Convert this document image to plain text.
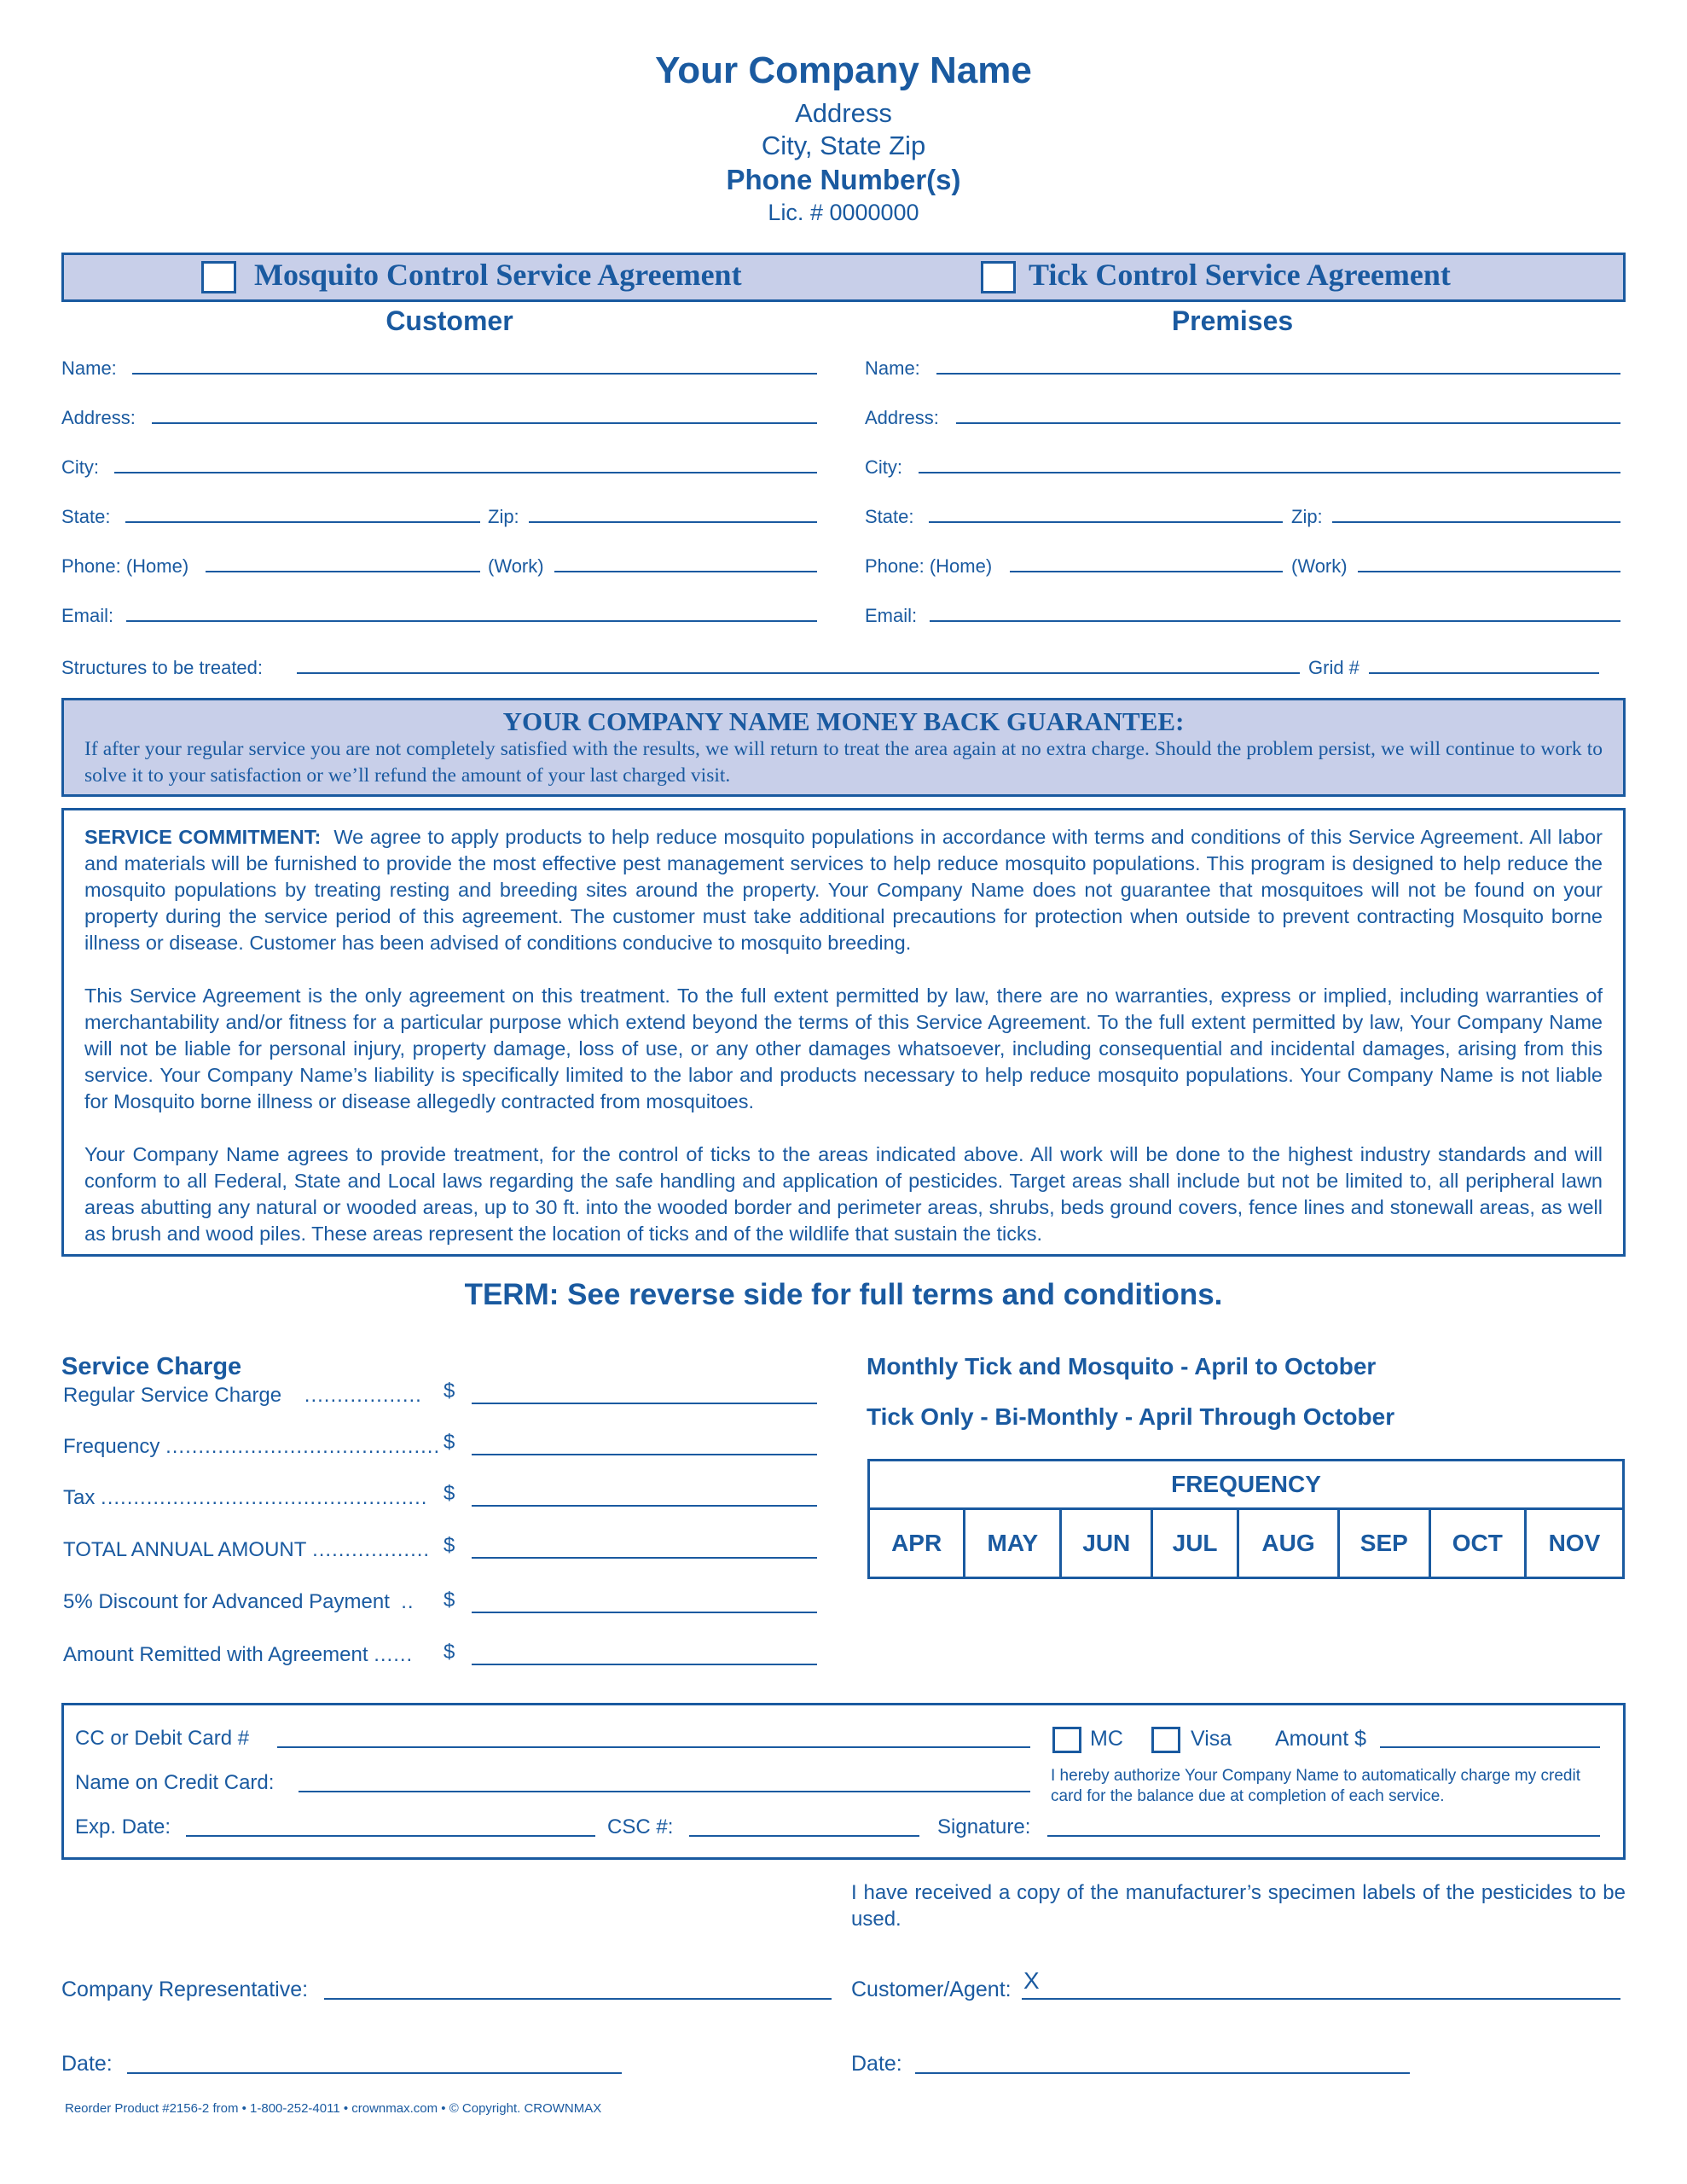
Your Company Name
Address
City, State Zip
Phone Number(s)
Lic. # 0000000
Mosquito Control Service Agreement	Tick Control Service Agreement
Customer	Premises
Name:
Address:
City:
State:	Zip:
Phone: (Home)	(Work)
Email:
Name:
Address:
City:
State:	Zip:
Phone: (Home)	(Work)
Email:
Structures to be treated:	Grid #
YOUR COMPANY NAME MONEY BACK GUARANTEE:
If after your regular service you are not completely satisfied with the results, we will return to treat the area again at no extra charge. Should the problem persist, we will continue to work to solve it to your satisfaction or we’ll refund the amount of your last charged visit.
SERVICE COMMITMENT: We agree to apply products to help reduce mosquito populations in accordance with terms and conditions of this Service Agreement. All labor and materials will be furnished to provide the most effective pest management services to help reduce mosquito populations. This program is designed to help reduce the mosquito populations by treating resting and breeding sites around the property. Your Company Name does not guarantee that mosquitoes will not be found on your property during the service period of this agreement. The customer must take additional precautions for protection when outside to prevent contracting Mosquito borne illness or disease. Customer has been advised of conditions conducive to mosquito breeding.
This Service Agreement is the only agreement on this treatment. To the full extent permitted by law, there are no warranties, express or implied, including warranties of merchantability and/or fitness for a particular purpose which extend beyond the terms of this Service Agreement. To the full extent permitted by law, Your Company Name will not be liable for personal injury, property damage, loss of use, or any other damages whatsoever, including consequential and incidental damages, arising from this service. Your Company Name’s liability is specifically limited to the labor and products necessary to help reduce mosquito populations. Your Company Name is not liable for Mosquito borne illness or disease allegedly contracted from mosquitoes.
Your Company Name agrees to provide treatment, for the control of ticks to the areas indicated above. All work will be done to the highest industry standards and will conform to all Federal, State and Local laws regarding the safe handling and application of pesticides. Target areas shall include but not be limited to, all peripheral lawn areas abutting any natural or wooded areas, up to 30 ft. into the wooded border and perimeter areas, shrubs, beds ground covers, fence lines and stonewall areas, as well as brush and wood piles. These areas represent the location of ticks and of the wildlife that sustain the ticks.
TERM: See reverse side for full terms and conditions.
Service Charge
Regular Service Charge .................. $
Frequency .......................................... $
Tax .................................................. $
TOTAL ANNUAL AMOUNT .................. $
5% Discount for Advanced Payment .. $
Amount Remitted with Agreement ...... $
Monthly Tick and Mosquito - April to October
Tick Only - Bi-Monthly - April Through October
FREQUENCY
APR	MAY	JUN	JUL	AUG	SEP	OCT	NOV
CC or Debit Card #	MC	Visa Amount $
Name on Credit Card:	I hereby authorize Your Company Name to automatically charge my credit card for the balance due at completion of each service.
Exp. Date:	CSC #:	Signature:
I have received a copy of the manufacturer’s specimen labels of the pesticides to be used.
Company Representative:	Customer/Agent: X
Date:	Date:
Reorder Product #2156-2 from • 1-800-252-4011 • crownmax.com • © Copyright. CROWNMAX
